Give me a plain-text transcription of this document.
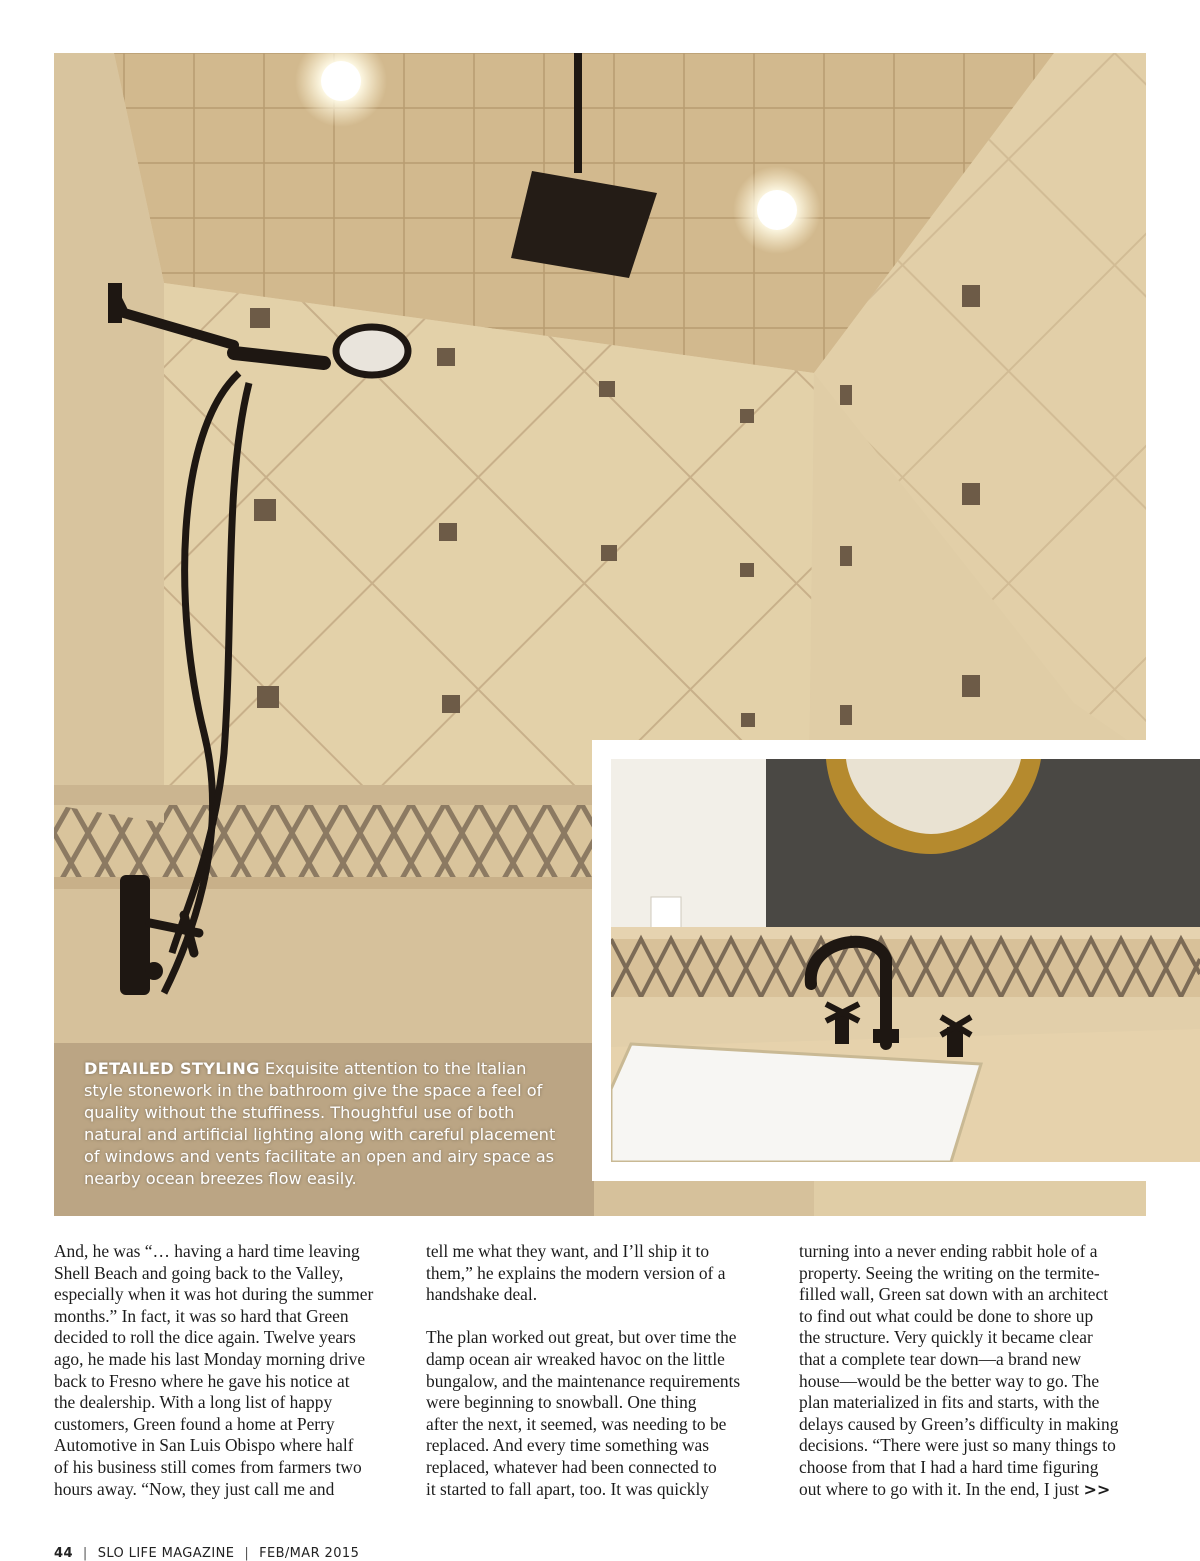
DETAILED STYLING Exquisite attention to the Italian style stonework in the bathroom give the space a feel of quality without the stuffiness. Thoughtful use of both natural and artificial lighting along with careful placement of windows and vents facilitate an open and airy space as nearby ocean breezes flow easily.

And, he was “… having a hard time leaving
Shell Beach and going back to the Valley,
especially when it was hot during the summer
months.” In fact, it was so hard that Green
decided to roll the dice again. Twelve years
ago, he made his last Monday morning drive
back to Fresno where he gave his notice at
the dealership. With a long list of happy
customers, Green found a home at Perry
Automotive in San Luis Obispo where half
of his business still comes from farmers two
hours away. “Now, they just call me and

tell me what they want, and I’ll ship it to
them,” he explains the modern version of a
handshake deal.

The plan worked out great, but over time the
damp ocean air wreaked havoc on the little
bungalow, and the maintenance requirements
were beginning to snowball. One thing
after the next, it seemed, was needing to be
replaced. And every time something was
replaced, whatever had been connected to
it started to fall apart, too. It was quickly

turning into a never ending rabbit hole of a
property. Seeing the writing on the termite-
filled wall, Green sat down with an architect
to find out what could be done to shore up
the structure. Very quickly it became clear
that a complete tear down—a brand new
house—would be the better way to go. The
plan materialized in fits and starts, with the
delays caused by Green’s difficulty in making
decisions. “There were just so many things to
choose from that I had a hard time figuring
out where to go with it. In the end, I just >>

44 | SLO LIFE MAGAZINE | FEB/MAR 2015
